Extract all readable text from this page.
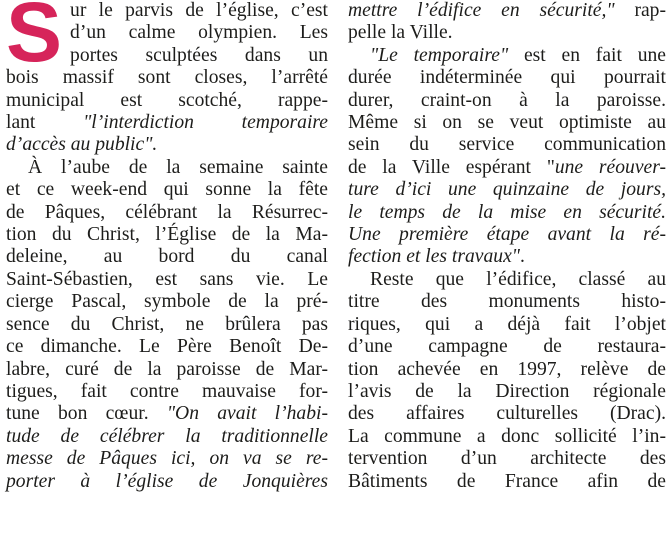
S ur le parvis de l’église, c’est
d’un calme olympien. Les
portes sculptées dans un
bois massif sont closes, l’arrêté
municipal est scotché, rappe-
lant "l’interdiction temporaire
d’accès au public".
À l’aube de la semaine sainte
et ce week-end qui sonne la fête
de Pâques, célébrant la Résurrec-
tion du Christ, l’Église de la Ma-
deleine, au bord du canal
Saint-Sébastien, est sans vie. Le
cierge Pascal, symbole de la pré-
sence du Christ, ne brûlera pas
ce dimanche. Le Père Benoît De-
labre, curé de la paroisse de Mar-
tigues, fait contre mauvaise for-
tune bon cœur. "On avait l’habi-
tude de célébrer la traditionnelle
messe de Pâques ici, on va se re-
porter à l’église de Jonquières
mettre l’édifice en sécurité," rap-
pelle la Ville.
"Le temporaire" est en fait une
durée indéterminée qui pourrait
durer, craint-on à la paroisse.
Même si on se veut optimiste au
sein du service communication
de la Ville espérant "une réouver-
ture d’ici une quinzaine de jours,
le temps de la mise en sécurité.
Une première étape avant la ré-
fection et les travaux".
Reste que l’édifice, classé au
titre des monuments histo-
riques, qui a déjà fait l’objet
d’une campagne de restaura-
tion achevée en 1997, relève de
l’avis de la Direction régionale
des affaires culturelles (Drac).
La commune a donc sollicité l’in-
tervention d’un architecte des
Bâtiments de France afin de
